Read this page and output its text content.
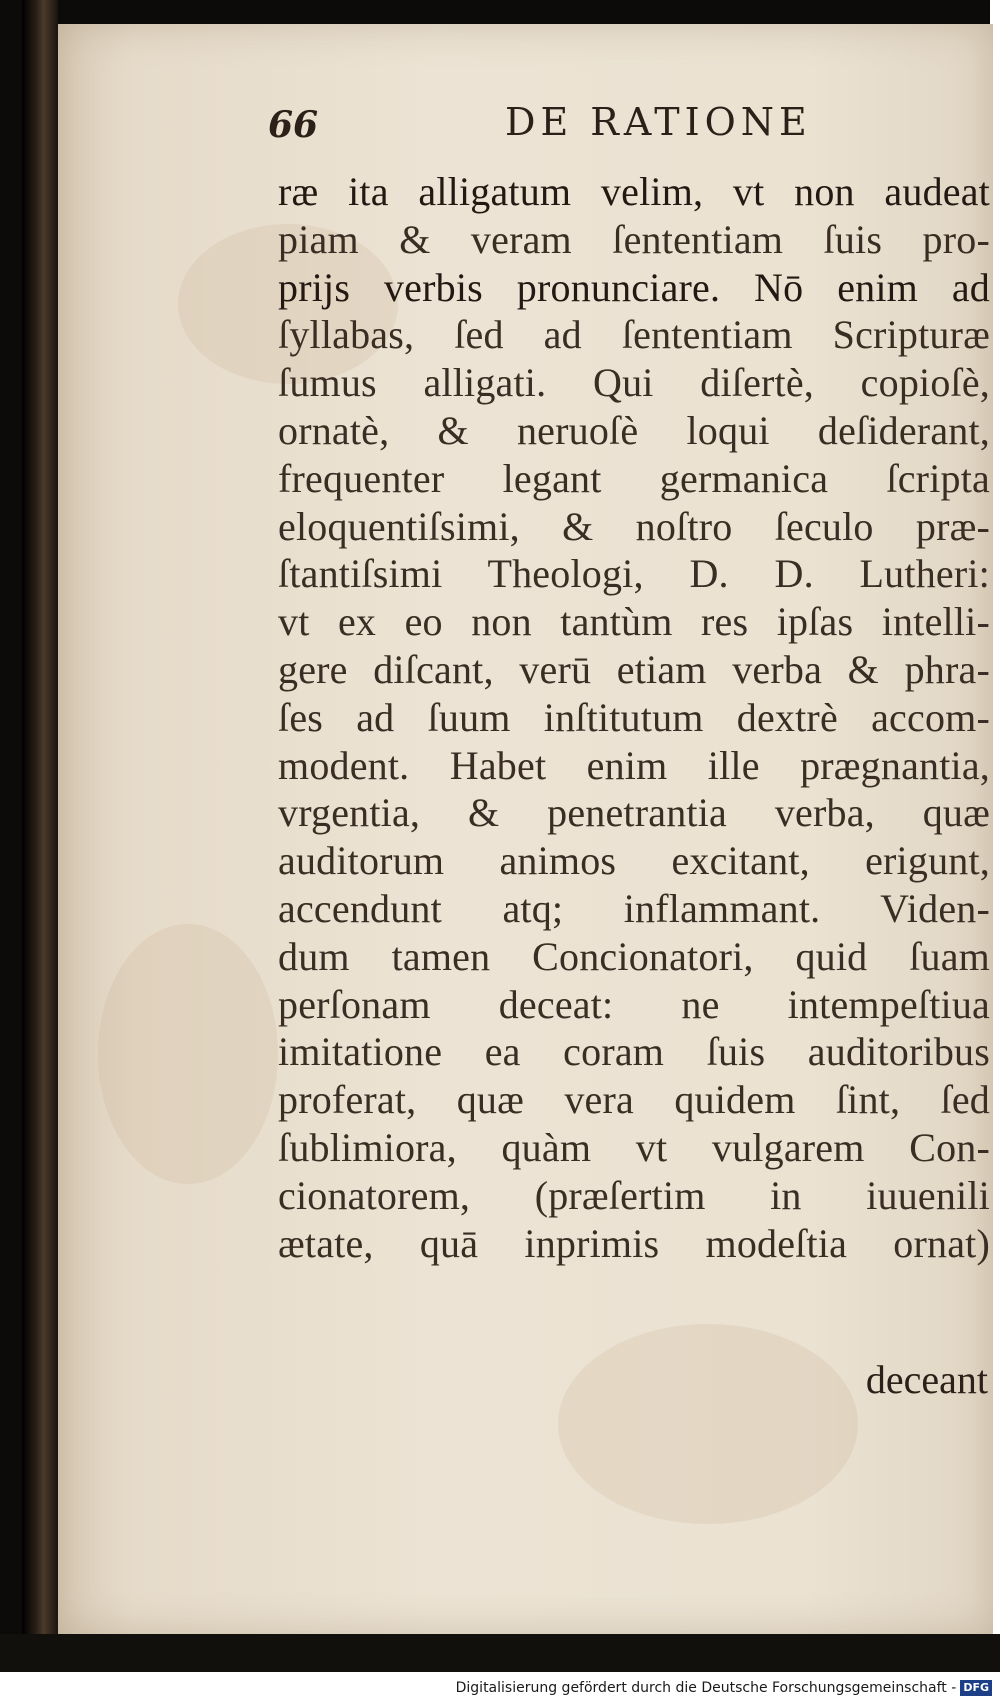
66	DE RATIONE
ræ ita alligatum velim, vt non audeat
piam & veram ſententiam ſuis pro-
prijs verbis pronunciare. Nō enim ad
ſyllabas, ſed ad ſententiam Scripturæ
ſumus alligati. Qui diſertè, copioſè,
ornatè, & neruoſè loqui deſiderant,
frequenter legant germanica ſcripta
eloquentiſsimi, & noſtro ſeculo præ-
ſtantiſsimi Theologi, D. D. Lutheri:
vt ex eo non tantùm res ipſas intelli-
gere diſcant, verū etiam verba & phra-
ſes ad ſuum inſtitutum dextrè accom-
modent. Habet enim ille prægnantia,
vrgentia, & penetrantia verba, quæ
auditorum animos excitant, erigunt,
accendunt atq; inflammant. Viden-
dum tamen Concionatori, quid ſuam
perſonam deceat: ne intempeſtiua
imitatione ea coram ſuis auditoribus
proferat, quæ vera quidem ſint, ſed
ſublimiora, quàm vt vulgarem Con-
cionatorem, (præſertim in iuuenili
ætate, quā inprimis modeſtia ornat)
deceant
Digitalisierung gefördert durch die Deutsche Forschungsgemeinschaft - DFG
